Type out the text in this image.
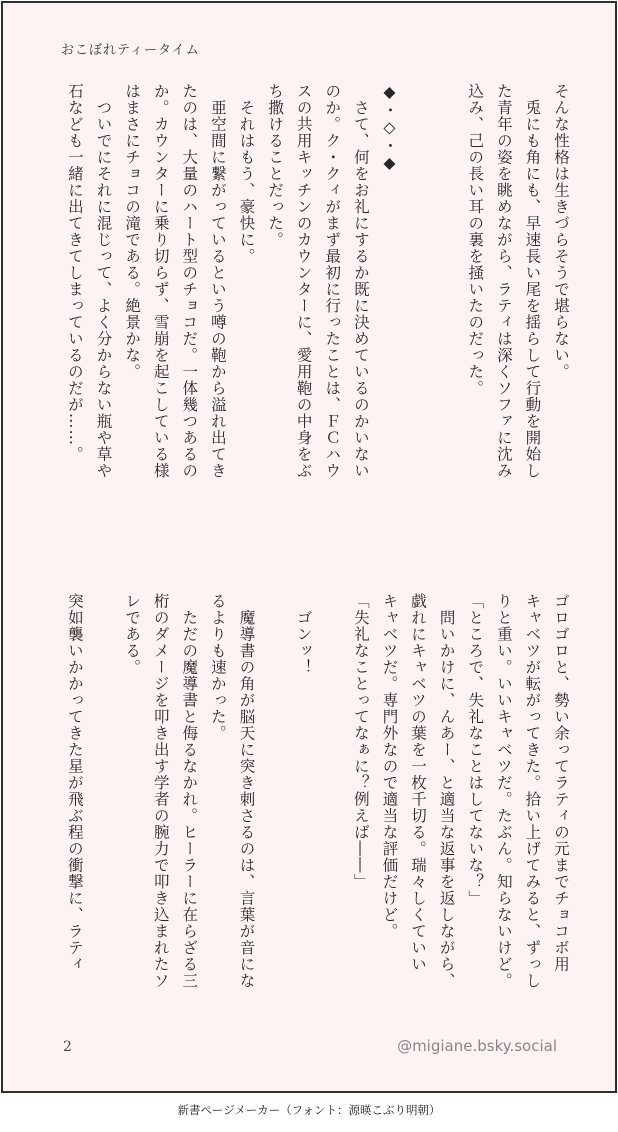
おこぼれティータイム
そんな性格は生きづらそうで堪らない。
　兎にも角にも、早速長い尾を揺らして行動を開始し
た青年の姿を眺めながら、ラティは深くソファに沈み
込み、己の長い耳の裏を掻いたのだった。

◆・◇・◆
　さて、何をお礼にするか既に決めているのかいない
のか。ク・クィがまず最初に行ったことは、ＦＣハウ
スの共用キッチンのカウンターに、愛用鞄の中身をぶ
ち撒けることだった。
　それはもう、豪快に。
　亜空間に繋がっているという噂の鞄から溢れ出てき
たのは、大量のハート型のチョコだ。一体幾つあるの
か。カウンターに乗り切らず、雪崩を起こしている様
はまさにチョコの滝である。絶景かな。
　ついでにそれに混じって、よく分からない瓶や草や
石なども一緒に出てきてしまっているのだが……。
ゴロゴロと、勢い余ってラティの元までチョコボ用
キャベツが転がってきた。拾い上げてみると、ずっし
りと重い。いいキャベツだ。たぶん。知らないけど。
「ところで、失礼なことはしてないな？」
　問いかけに、んあー、と適当な返事を返しながら、
戯れにキャベツの葉を一枚千切る。瑞々しくていい
キャベツだ。専門外なので適当な評価だけど。
「失礼なことってなぁに？例えば――」

　ゴンッ！

　魔導書の角が脳天に突き刺さるのは、言葉が音にな
るよりも速かった。
　ただの魔導書と侮るなかれ。ヒーラーに在らざる三
桁のダメージを叩き出す学者の腕力で叩き込まれたソ
レである。

突如襲いかかってきた星が飛ぶ程の衝撃に、ラティ
2	@migiane.bsky.social
新書ページメーカー（フォント：源暎こぶり明朝）
